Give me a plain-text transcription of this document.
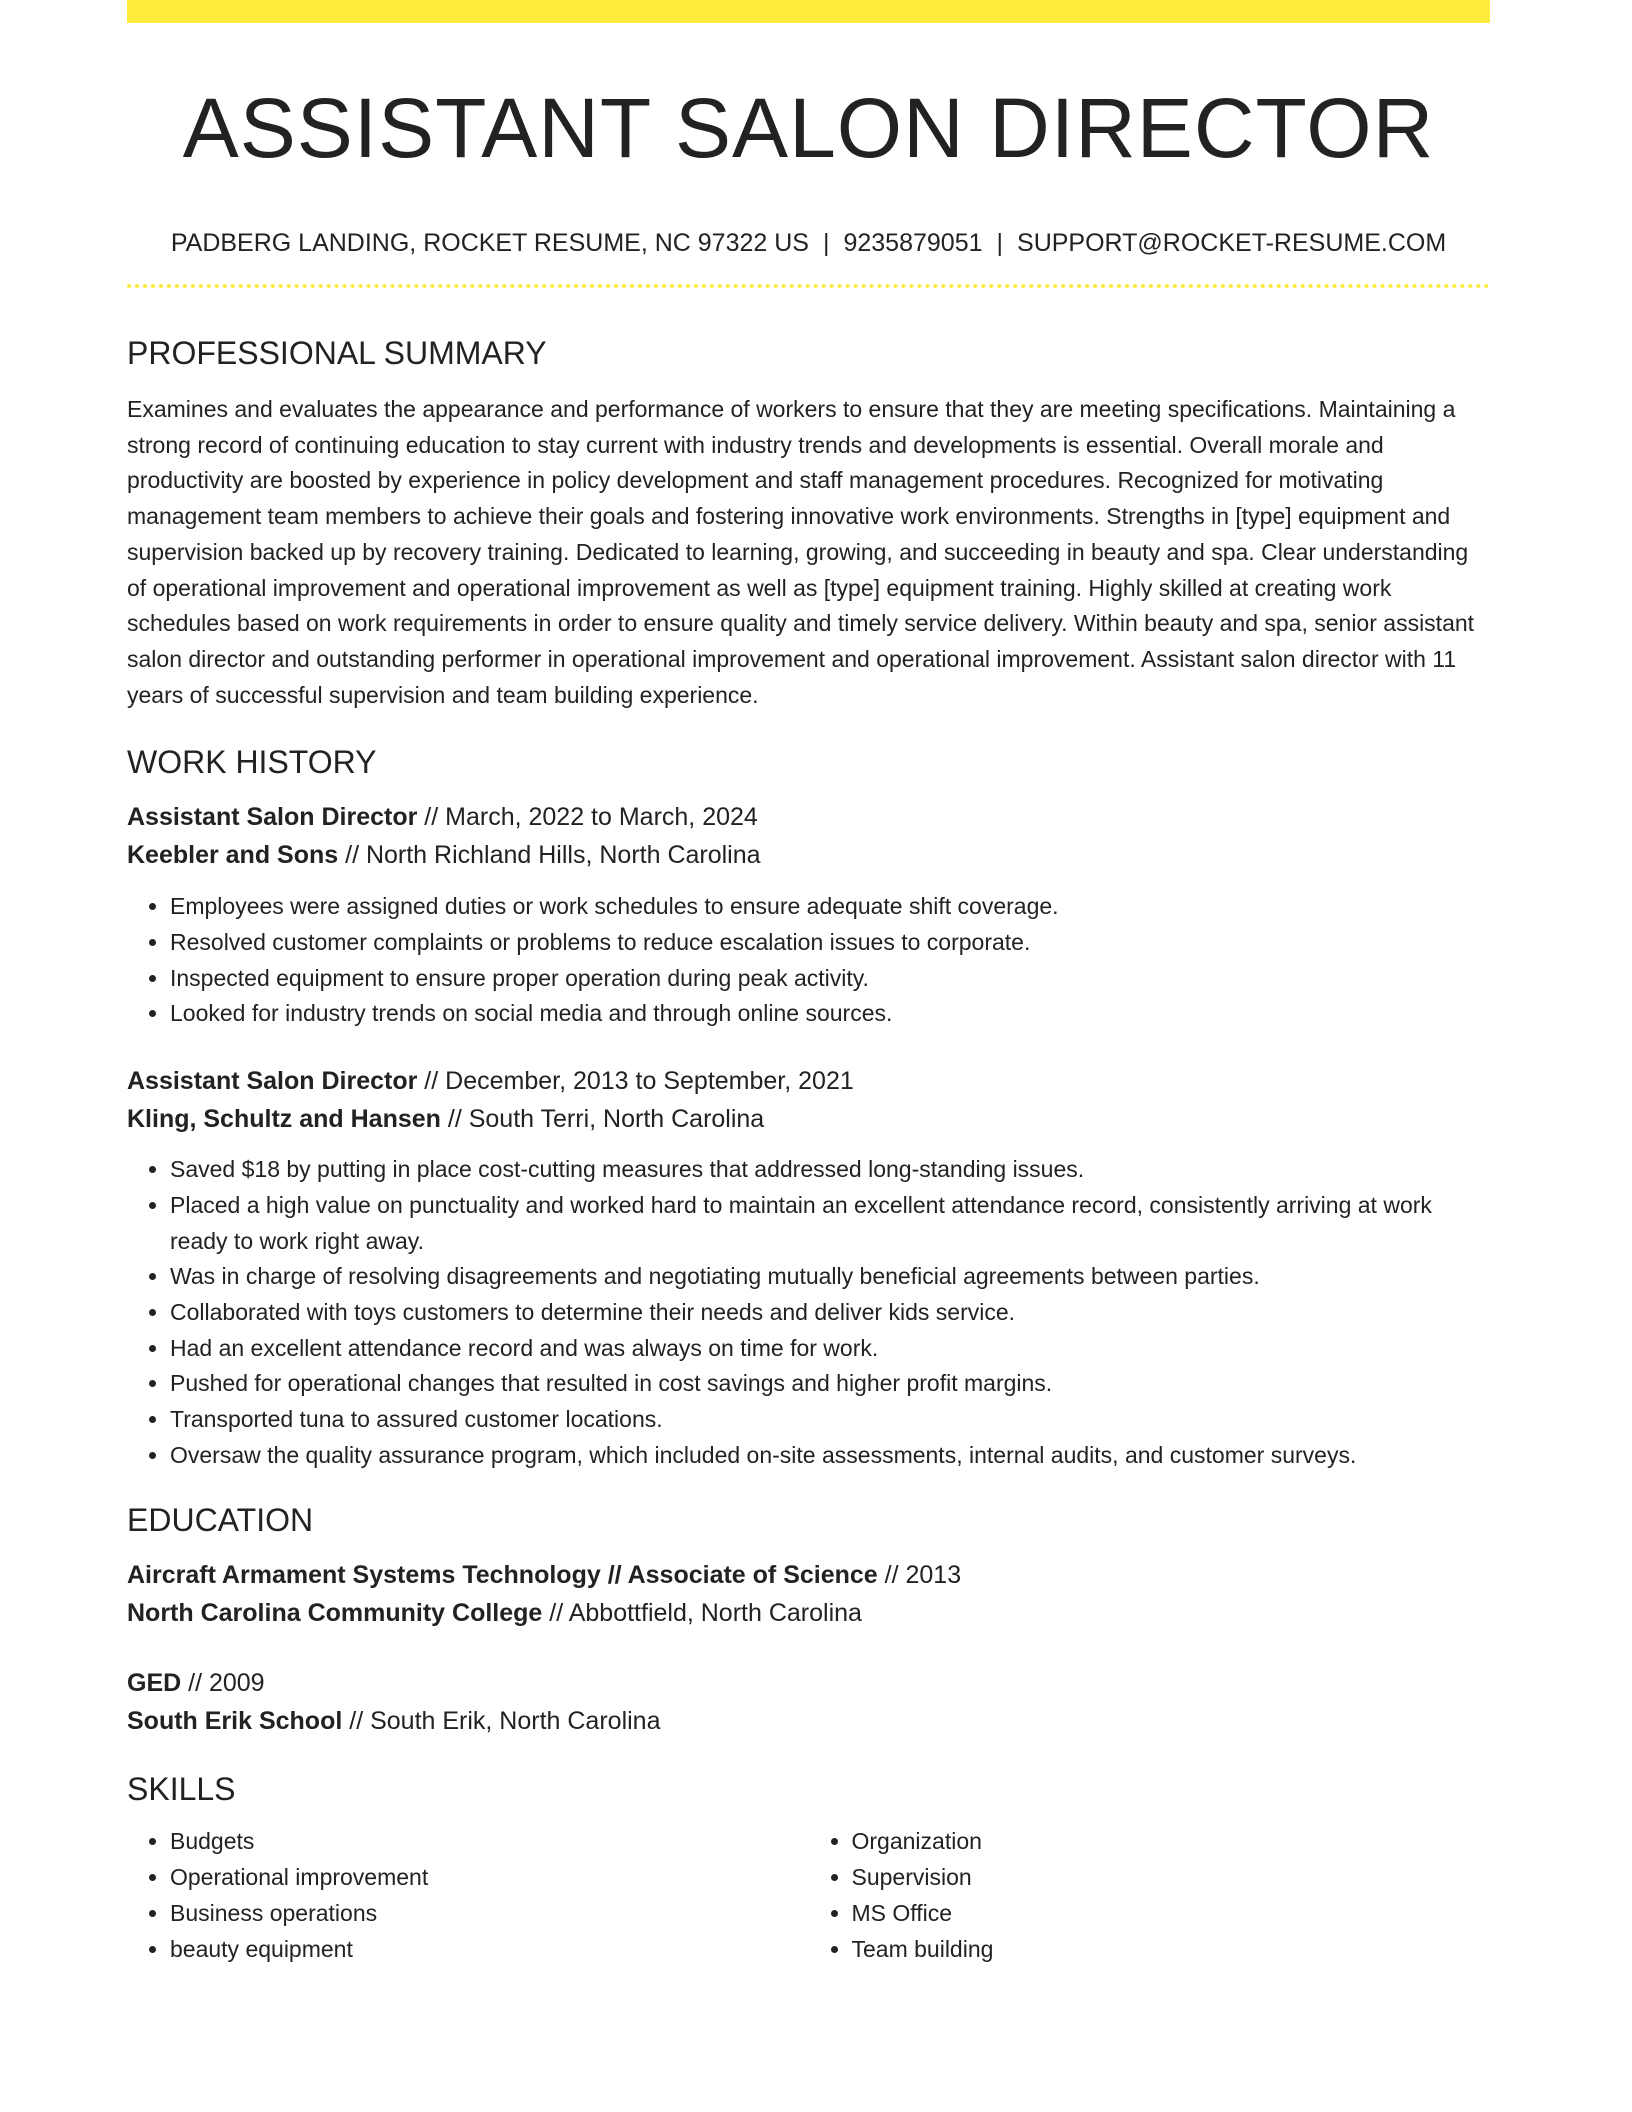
ASSISTANT SALON DIRECTOR
PADBERG LANDING, ROCKET RESUME, NC 97322 US | 9235879051 | SUPPORT@ROCKET-RESUME.COM
PROFESSIONAL SUMMARY
Examines and evaluates the appearance and performance of workers to ensure that they are meeting specifications. Maintaining a strong record of continuing education to stay current with industry trends and developments is essential. Overall morale and productivity are boosted by experience in policy development and staff management procedures. Recognized for motivating management team members to achieve their goals and fostering innovative work environments. Strengths in [type] equipment and supervision backed up by recovery training. Dedicated to learning, growing, and succeeding in beauty and spa. Clear understanding of operational improvement and operational improvement as well as [type] equipment training. Highly skilled at creating work schedules based on work requirements in order to ensure quality and timely service delivery. Within beauty and spa, senior assistant salon director and outstanding performer in operational improvement and operational improvement. Assistant salon director with 11 years of successful supervision and team building experience.
WORK HISTORY
Assistant Salon Director // March, 2022 to March, 2024
Keebler and Sons // North Richland Hills, North Carolina
• Employees were assigned duties or work schedules to ensure adequate shift coverage.
• Resolved customer complaints or problems to reduce escalation issues to corporate.
• Inspected equipment to ensure proper operation during peak activity.
• Looked for industry trends on social media and through online sources.
Assistant Salon Director // December, 2013 to September, 2021
Kling, Schultz and Hansen // South Terri, North Carolina
• Saved $18 by putting in place cost-cutting measures that addressed long-standing issues.
• Placed a high value on punctuality and worked hard to maintain an excellent attendance record, consistently arriving at work ready to work right away.
• Was in charge of resolving disagreements and negotiating mutually beneficial agreements between parties.
• Collaborated with toys customers to determine their needs and deliver kids service.
• Had an excellent attendance record and was always on time for work.
• Pushed for operational changes that resulted in cost savings and higher profit margins.
• Transported tuna to assured customer locations.
• Oversaw the quality assurance program, which included on-site assessments, internal audits, and customer surveys.
EDUCATION
Aircraft Armament Systems Technology // Associate of Science // 2013
North Carolina Community College // Abbottfield, North Carolina
GED // 2009
South Erik School // South Erik, North Carolina
SKILLS
• Budgets
• Operational improvement
• Business operations
• beauty equipment
• Organization
• Supervision
• MS Office
• Team building
